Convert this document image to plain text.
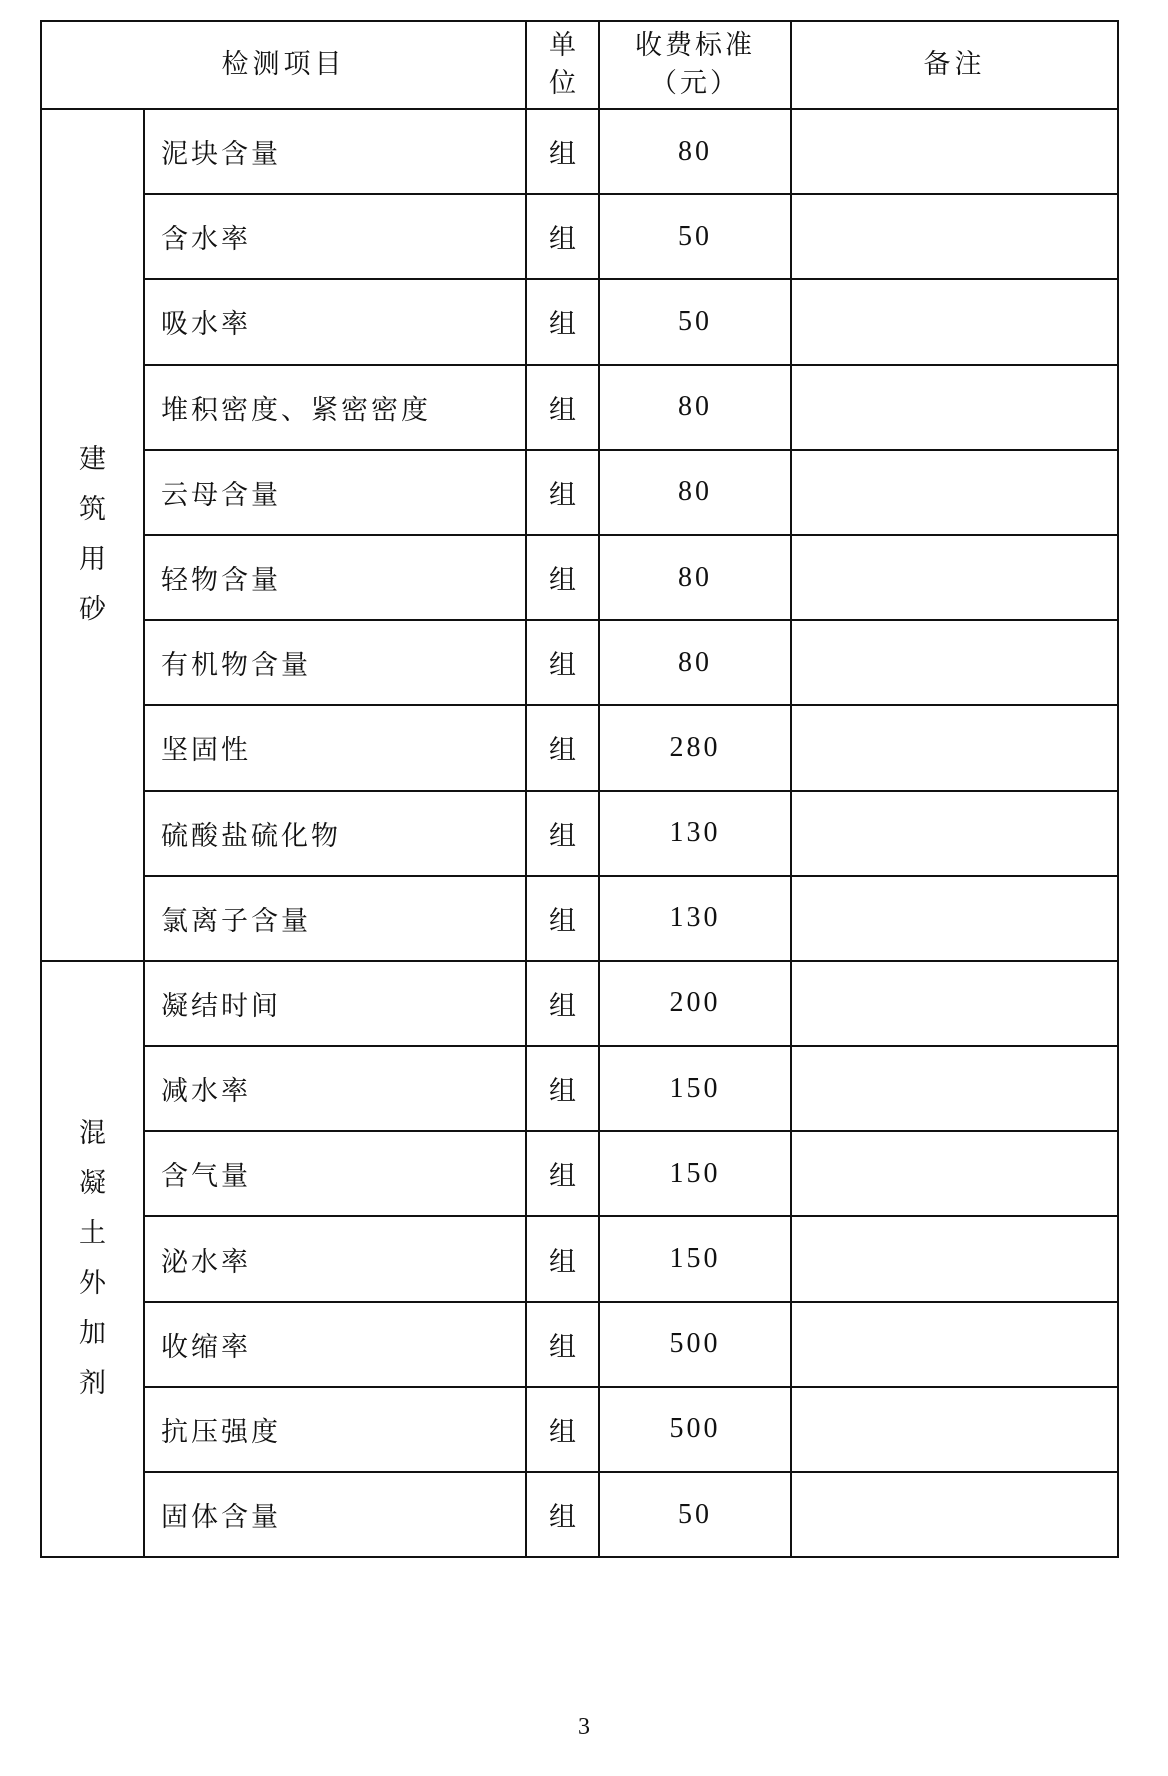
检测项目		单位	收费标准（元）	备注

建筑用砂	泥块含量	组	80	
	含水率	组	50	
	吸水率	组	50	
	堆积密度、紧密密度	组	80	
	云母含量	组	80	
	轻物含量	组	80	
	有机物含量	组	80	
	坚固性	组	280	
	硫酸盐硫化物	组	130	
	氯离子含量	组	130	

混凝土外加剂	凝结时间	组	200	
	减水率	组	150	
	含气量	组	150	
	泌水率	组	150	
	收缩率	组	500	
	抗压强度	组	500	
	固体含量	组	50	
3
